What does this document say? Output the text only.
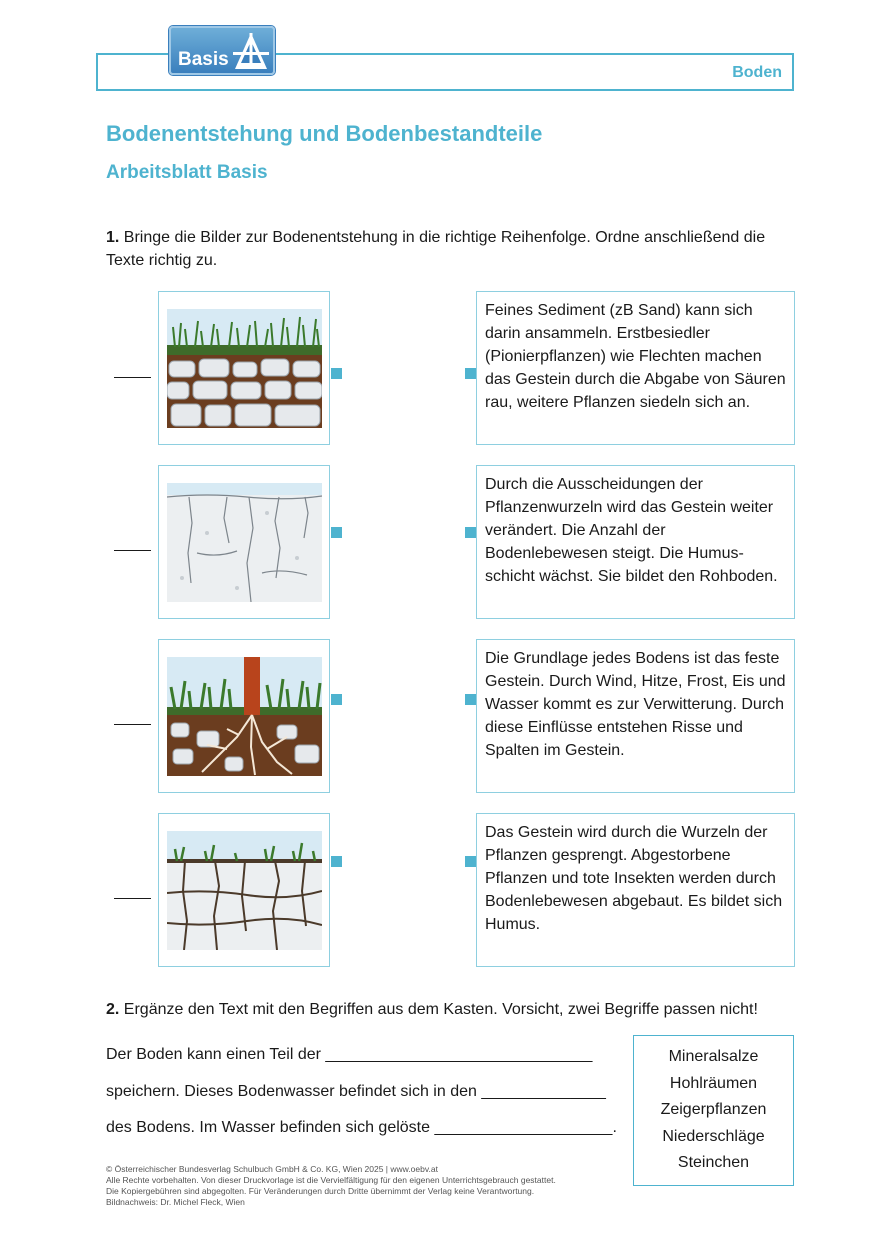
Boden
Basis
Bodenentstehung und Bodenbestandteile
Arbeitsblatt Basis
1. Bringe die Bilder zur Bodenentstehung in die richtige Reihenfolge. Ordne anschließend die Texte richtig zu.
Feines Sediment (zB Sand) kann sich darin ansammeln. Erstbesiedler (Pionierpflanzen) wie Flechten machen das Gestein durch die Abgabe von Säuren rau, weitere Pflanzen siedeln sich an.
Durch die Ausscheidungen der Pflanzenwurzeln wird das Gestein weiter verändert. Die Anzahl der Bodenlebewesen steigt. Die Humus-schicht wächst. Sie bildet den Rohboden.
Die Grundlage jedes Bodens ist das feste Gestein. Durch Wind, Hitze, Frost, Eis und Wasser kommt es zur Verwitterung. Durch diese Einflüsse entstehen Risse und Spalten im Gestein.
Das Gestein wird durch die Wurzeln der Pflanzen gesprengt. Abgestorbene Pflanzen und tote Insekten werden durch Bodenlebewesen abgebaut. Es bildet sich Humus.
2. Ergänze den Text mit den Begriffen aus dem Kasten. Vorsicht, zwei Begriffe passen nicht!
Der Boden kann einen Teil der ______________________________
speichern. Dieses Bodenwasser befindet sich in den ______________
des Bodens. Im Wasser befinden sich gelöste ____________________.
Mineralsalze
Hohlräumen
Zeigerpflanzen
Niederschläge
Steinchen
© Österreichischer Bundesverlag Schulbuch GmbH & Co. KG, Wien 2025 | www.oebv.at
Alle Rechte vorbehalten. Von dieser Druckvorlage ist die Vervielfältigung für den eigenen Unterrichtsgebrauch gestattet.
Die Kopiergebühren sind abgegolten. Für Veränderungen durch Dritte übernimmt der Verlag keine Verantwortung.
Bildnachweis: Dr. Michel Fleck, Wien
